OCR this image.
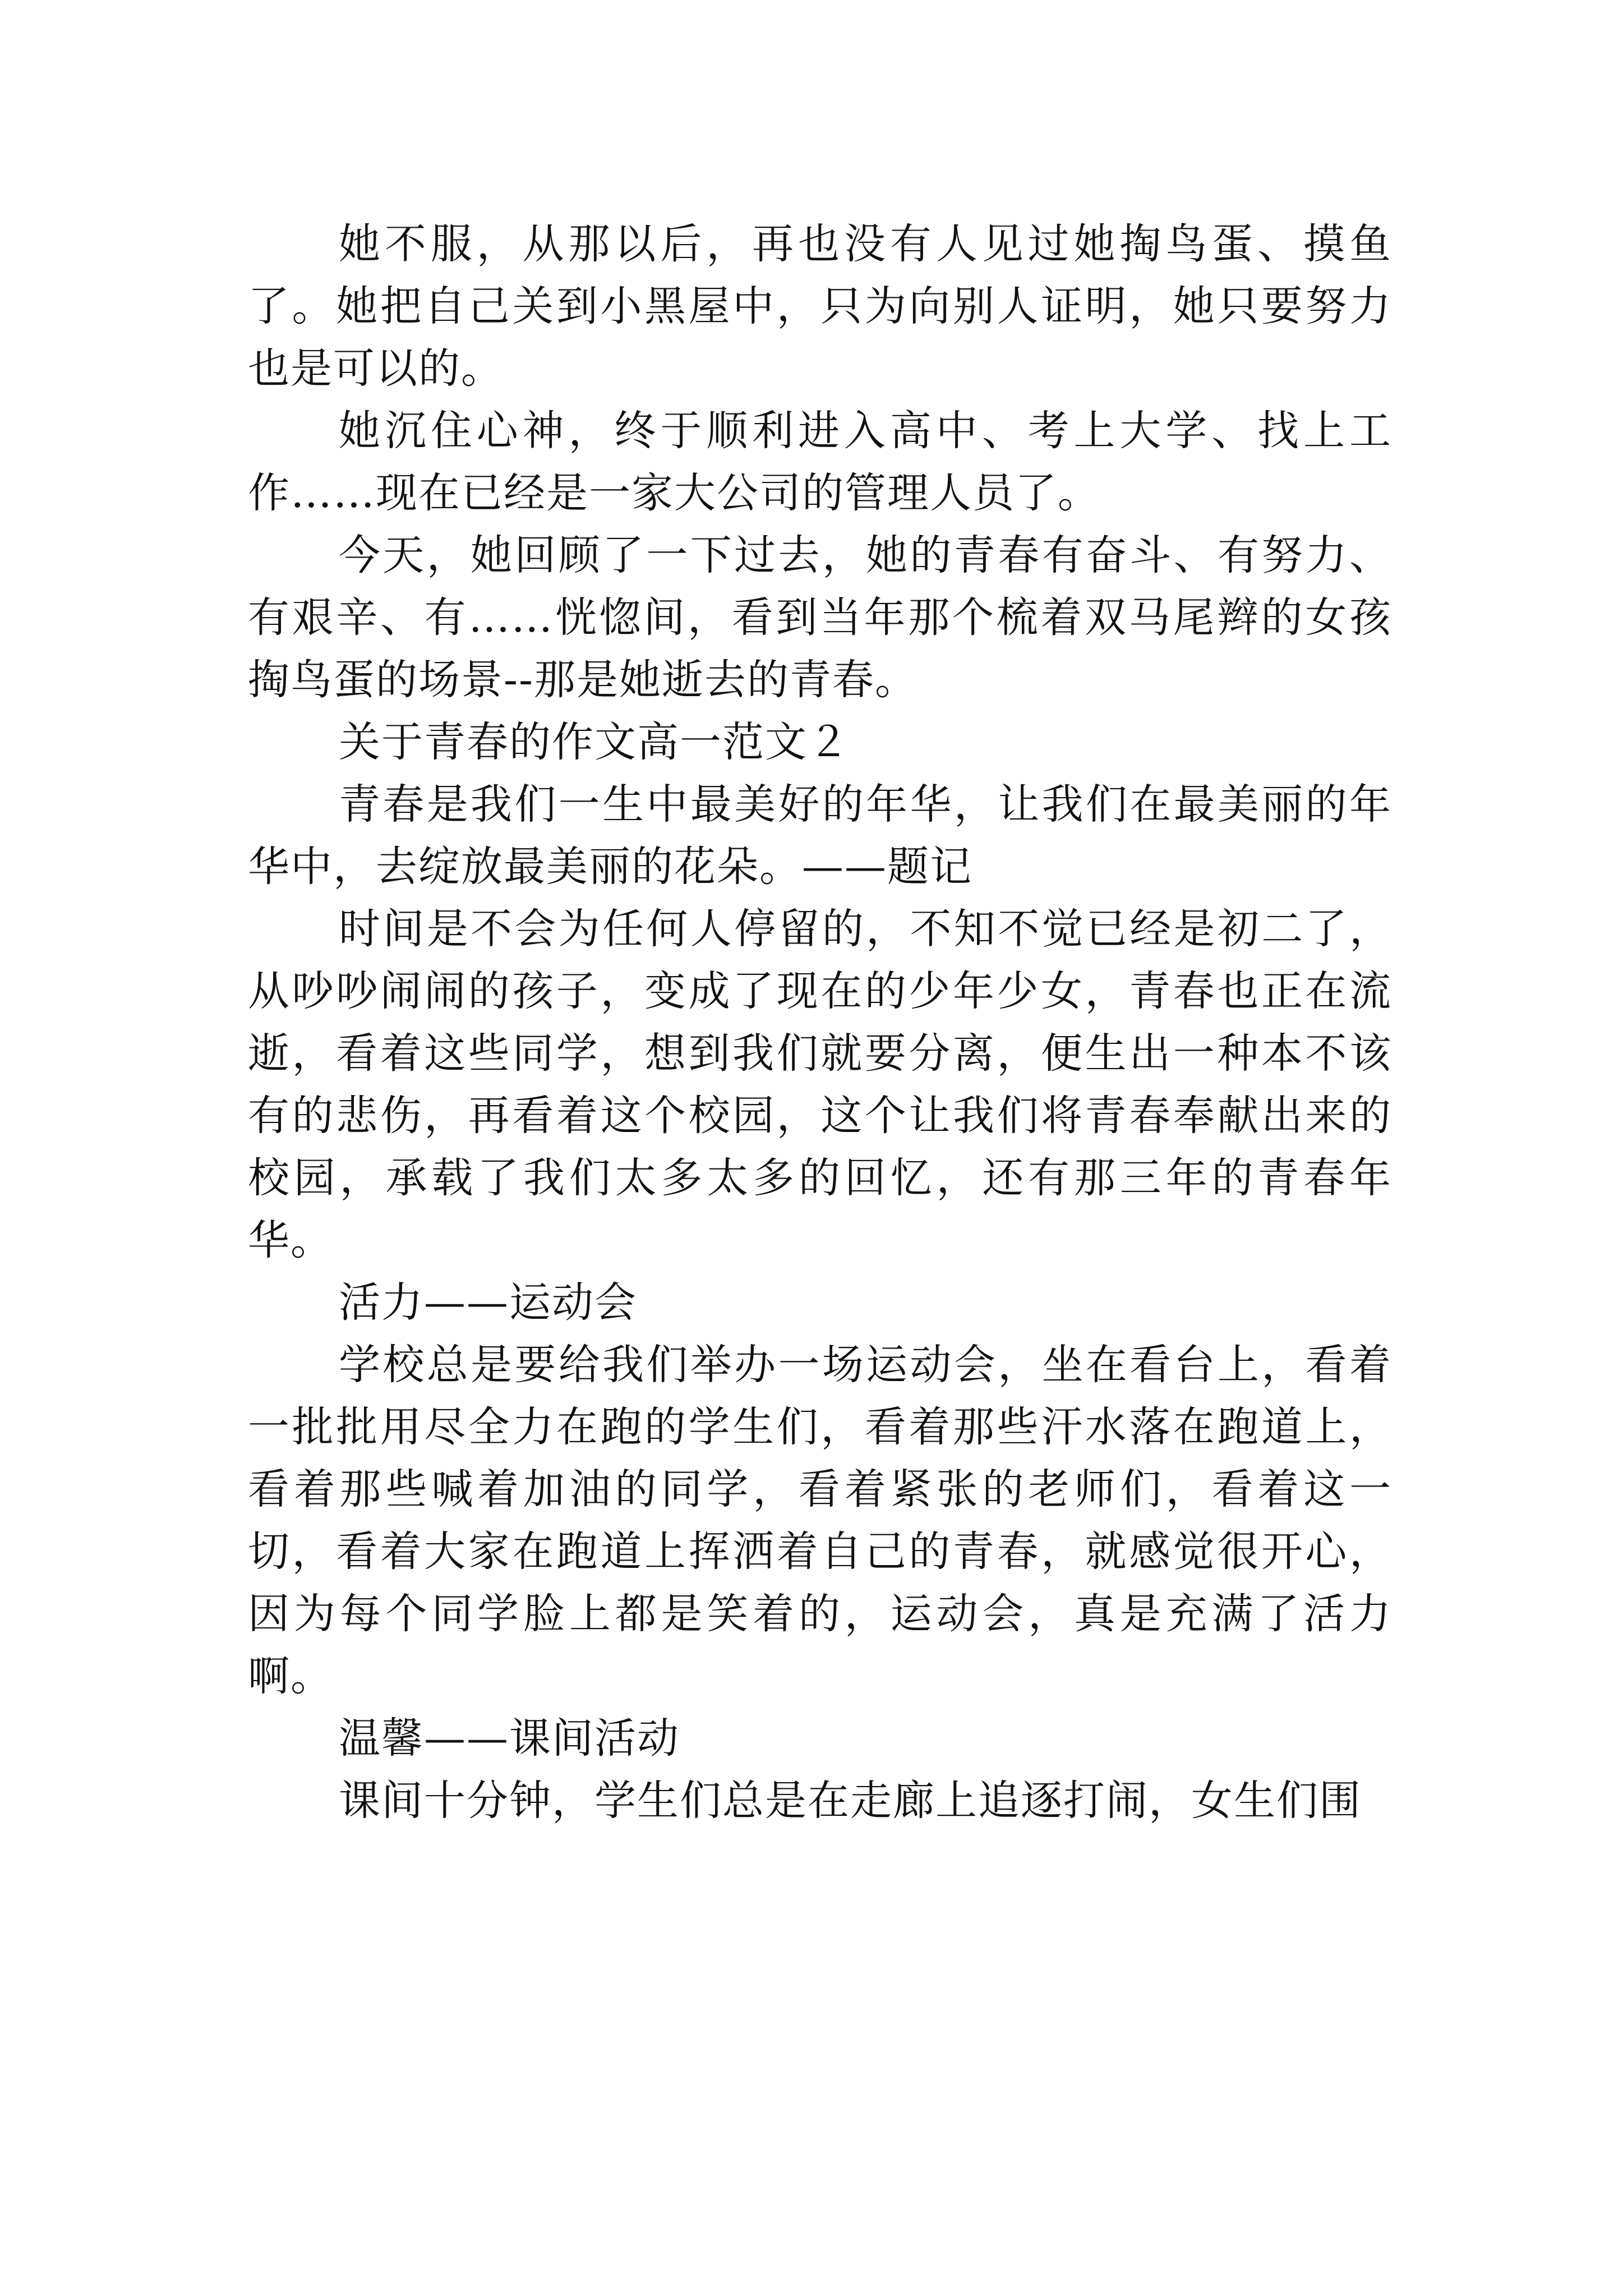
她不服，从那以后，再也没有人见过她掏鸟蛋、摸鱼了。她把自己关到小黑屋中，只为向别人证明，她只要努力也是可以的。

她沉住心神，终于顺利进入高中、考上大学、找上工作……现在已经是一家大公司的管理人员了。

今天，她回顾了一下过去，她的青春有奋斗、有努力、有艰辛、有……恍惚间，看到当年那个梳着双马尾辫的女孩掏鸟蛋的场景--那是她逝去的青春。

关于青春的作文高一范文２

青春是我们一生中最美好的年华，让我们在最美丽的年华中，去绽放最美丽的花朵。——题记

时间是不会为任何人停留的，不知不觉已经是初二了，从吵吵闹闹的孩子，变成了现在的少年少女，青春也正在流逝，看着这些同学，想到我们就要分离，便生出一种本不该有的悲伤，再看着这个校园，这个让我们将青春奉献出来的校园，承载了我们太多太多的回忆，还有那三年的青春年华。

活力——运动会

学校总是要给我们举办一场运动会，坐在看台上，看着一批批用尽全力在跑的学生们，看着那些汗水落在跑道上，看着那些喊着加油的同学，看着紧张的老师们，看着这一切，看着大家在跑道上挥洒着自己的青春，就感觉很开心，因为每个同学脸上都是笑着的，运动会，真是充满了活力啊。

温馨——课间活动

课间十分钟，学生们总是在走廊上追逐打闹，女生们围
